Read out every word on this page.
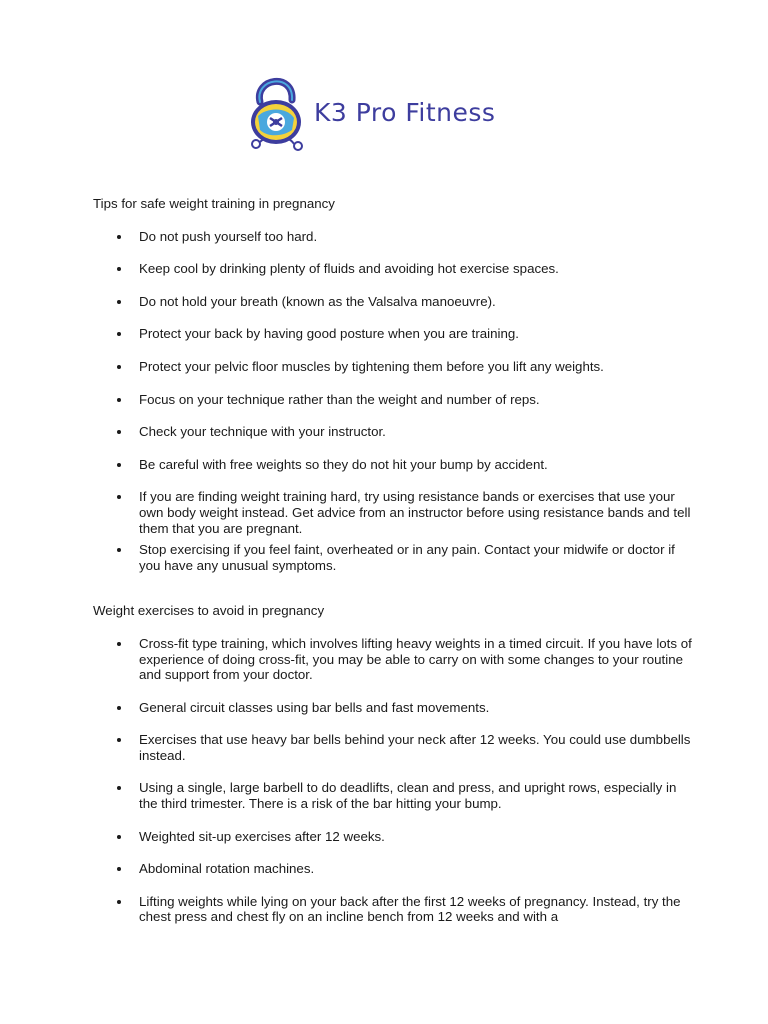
K3 Pro Fitness

Tips for safe weight training in pregnancy

Do not push yourself too hard.
Keep cool by drinking plenty of fluids and avoiding hot exercise spaces.
Do not hold your breath (known as the Valsalva manoeuvre).
Protect your back by having good posture when you are training.
Protect your pelvic floor muscles by tightening them before you lift any weights.
Focus on your technique rather than the weight and number of reps.
Check your technique with your instructor.
Be careful with free weights so they do not hit your bump by accident.
If you are finding weight training hard, try using resistance bands or exercises that use your own body weight instead. Get advice from an instructor before using resistance bands and tell them that you are pregnant.
Stop exercising if you feel faint, overheated or in any pain. Contact your midwife or doctor if you have any unusual symptoms.

Weight exercises to avoid in pregnancy

Cross-fit type training, which involves lifting heavy weights in a timed circuit. If you have lots of experience of doing cross-fit, you may be able to carry on with some changes to your routine and support from your doctor.
General circuit classes using bar bells and fast movements.
Exercises that use heavy bar bells behind your neck after 12 weeks. You could use dumbbells instead.
Using a single, large barbell to do deadlifts, clean and press, and upright rows, especially in the third trimester. There is a risk of the bar hitting your bump.
Weighted sit-up exercises after 12 weeks.
Abdominal rotation machines.
Lifting weights while lying on your back after the first 12 weeks of pregnancy. Instead, try the chest press and chest fly on an incline bench from 12 weeks and with a
